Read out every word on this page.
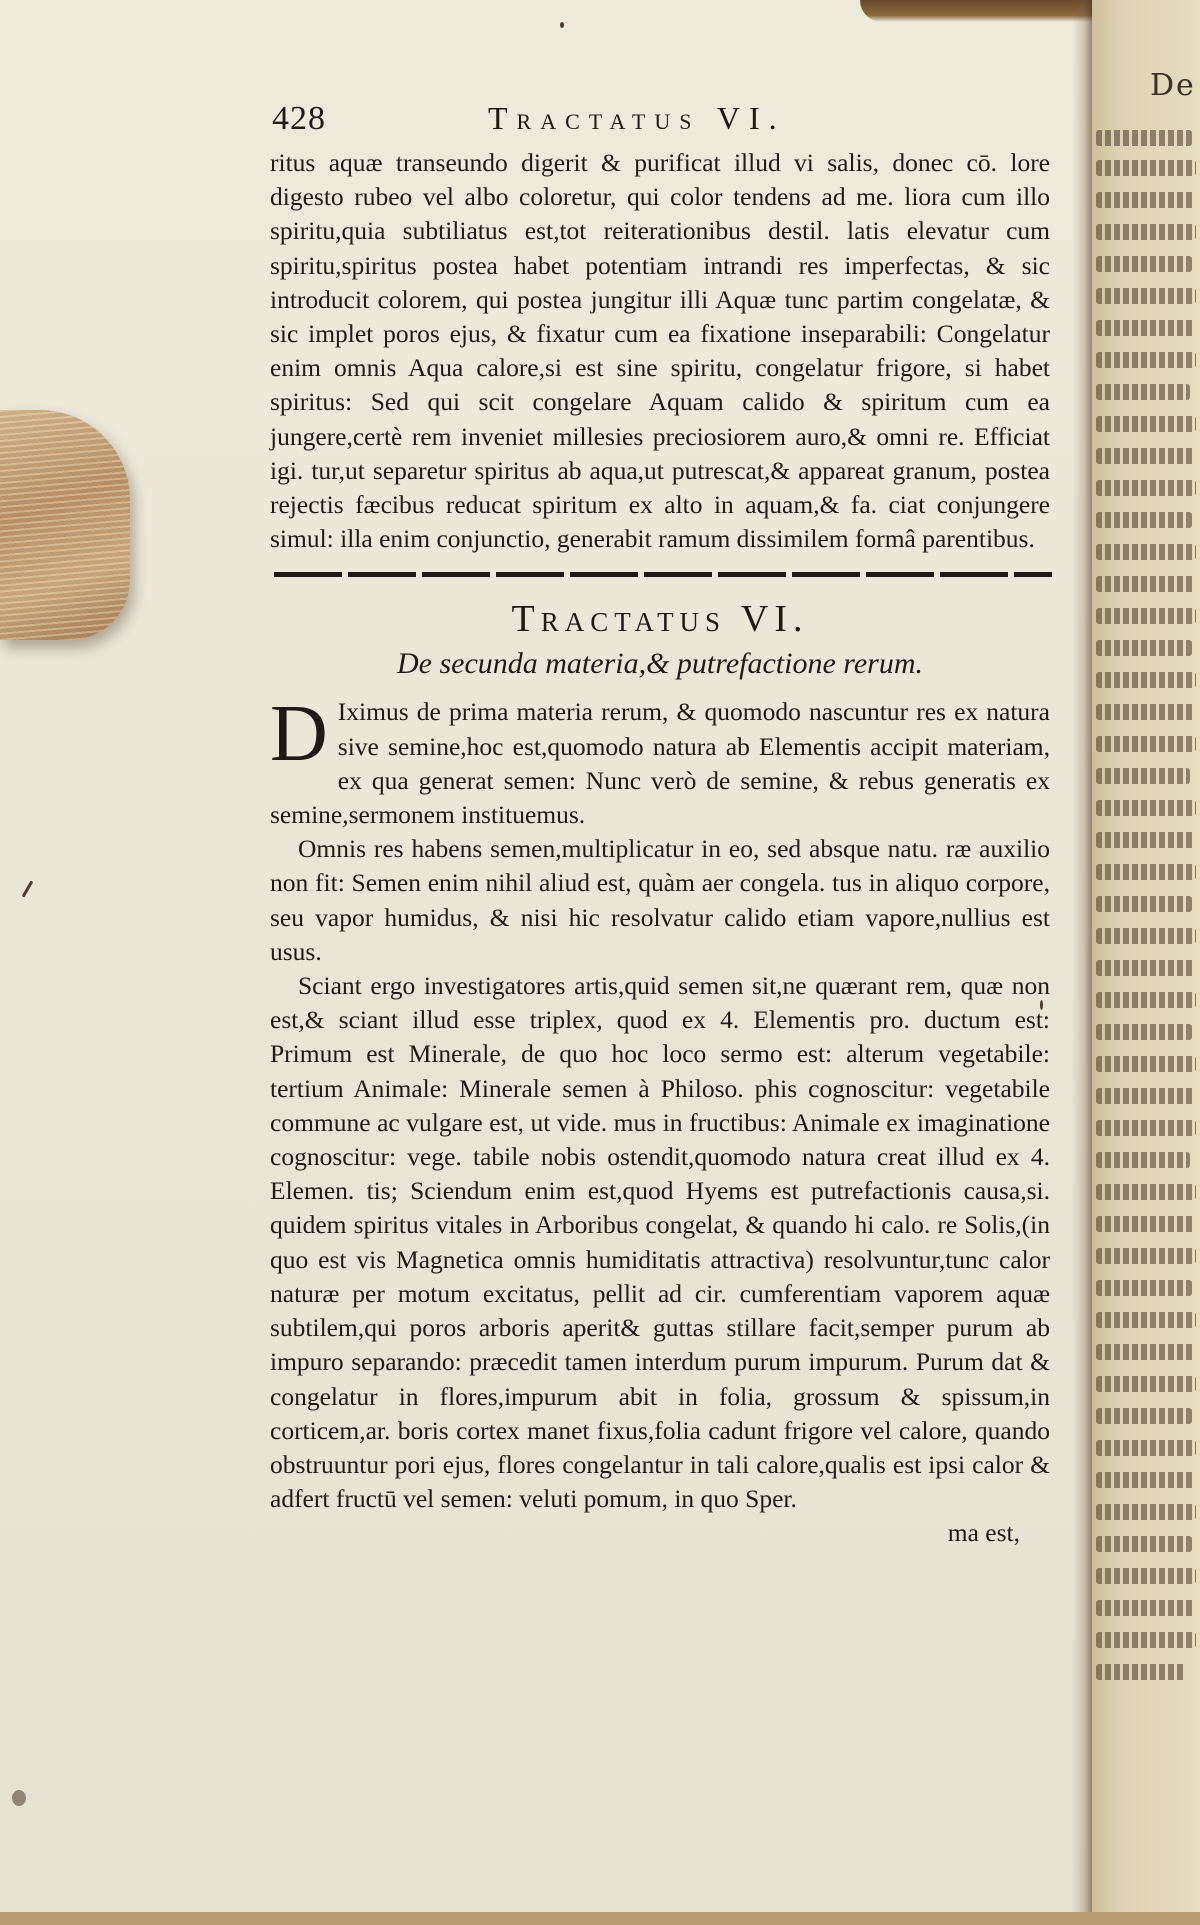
De
428	Tractatus VI.

ritus aquæ transeundo digerit & purificat illud vi salis, donec cō. lore digesto rubeo vel albo coloretur, qui color tendens ad me. liora cum illo spiritu,quia subtiliatus est,tot reiterationibus destil. latis elevatur cum spiritu,spiritus postea habet potentiam intrandi res imperfectas, & sic introducit colorem, qui postea jungitur illi Aquæ tunc partim congelatæ, & sic implet poros ejus, & fixatur cum ea fixatione inseparabili: Congelatur enim omnis Aqua calore,si est sine spiritu, congelatur frigore, si habet spiritus: Sed qui scit congelare Aquam calido & spiritum cum ea jungere,certè rem inveniet millesies preciosiorem auro,& omni re. Efficiat igi. tur,ut separetur spiritus ab aqua,ut putrescat,& appareat granum, postea rejectis fæcibus reducat spiritum ex alto in aquam,& fa. ciat conjungere simul: illa enim conjunctio, generabit ramum dissimilem formâ parentibus.

Tractatus VI.
De secunda materia,& putrefactione rerum.

D Iximus de prima materia rerum, & quomodo nascuntur res ex natura sive semine,hoc est,quomodo natura ab Elementis accipit materiam, ex qua generat semen: Nunc verò de semine, & rebus generatis ex semine,sermonem instituemus.

Omnis res habens semen,multiplicatur in eo, sed absque natu. ræ auxilio non fit: Semen enim nihil aliud est, quàm aer congela. tus in aliquo corpore, seu vapor humidus, & nisi hic resolvatur calido etiam vapore,nullius est usus.

Sciant ergo investigatores artis,quid semen sit,ne quærant rem, quæ non est,& sciant illud esse triplex, quod ex 4. Elementis pro. ductum est: Primum est Minerale, de quo hoc loco sermo est: alterum vegetabile: tertium Animale: Minerale semen à Philoso. phis cognoscitur: vegetabile commune ac vulgare est, ut vide. mus in fructibus: Animale ex imaginatione cognoscitur: vege. tabile nobis ostendit,quomodo natura creat illud ex 4. Elemen. tis; Sciendum enim est,quod Hyems est putrefactionis causa,si. quidem spiritus vitales in Arboribus congelat, & quando hi calo. re Solis,(in quo est vis Magnetica omnis humiditatis attractiva) resolvuntur,tunc calor naturæ per motum excitatus, pellit ad cir. cumferentiam vaporem aquæ subtilem,qui poros arboris aperit& guttas stillare facit,semper purum ab impuro separando: præcedit tamen interdum purum impurum. Purum dat & congelatur in flores,impurum abit in folia, grossum & spissum,in corticem,ar. boris cortex manet fixus,folia cadunt frigore vel calore, quando obstruuntur pori ejus, flores congelantur in tali calore,qualis est ipsi calor & adfert fructū vel semen: veluti pomum, in quo Sper.

ma est,
